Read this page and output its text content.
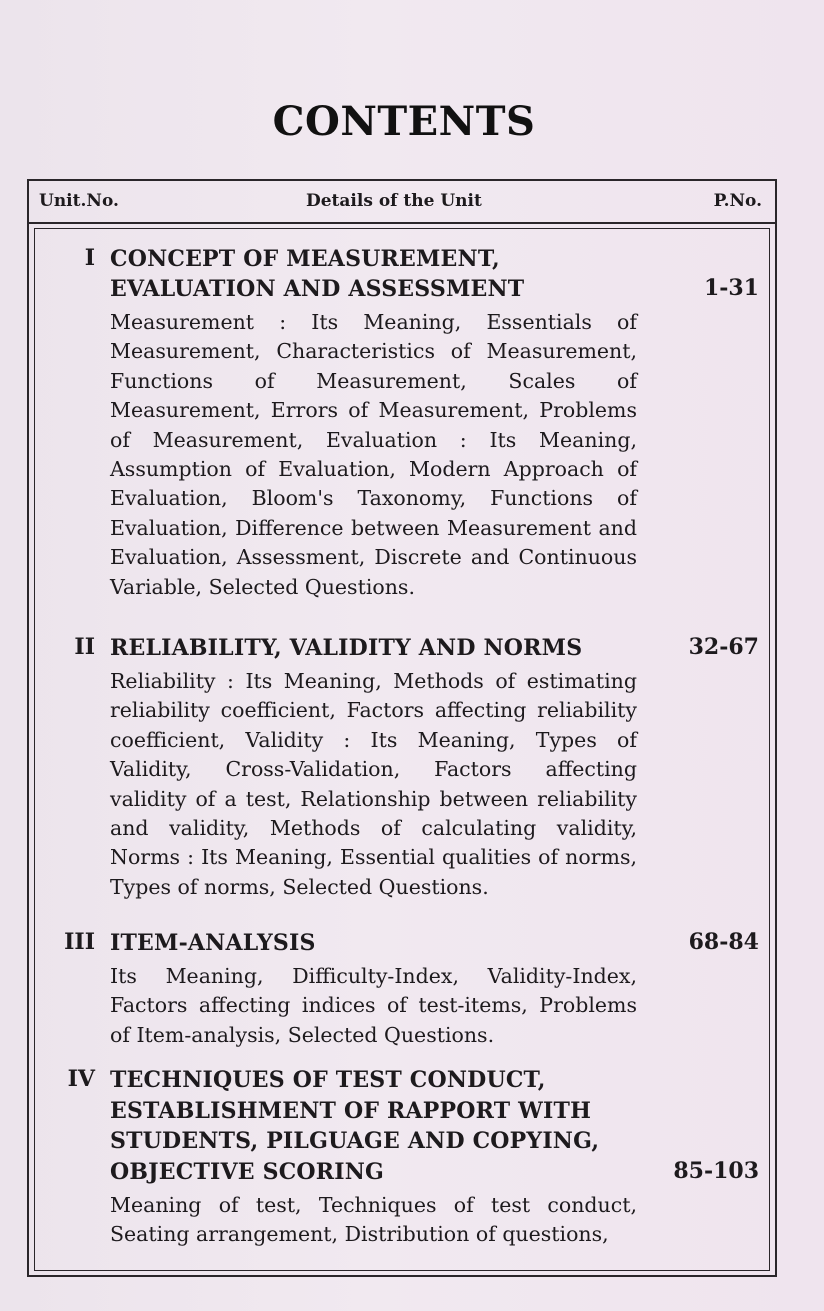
CONTENTS
Unit.No.	Details of the Unit	P.No.
I CONCEPT OF MEASUREMENT, EVALUATION AND ASSESSMENT	1-31
Measurement : Its Meaning, Essentials of Measurement, Characteristics of Measurement, Functions of Measurement, Scales of Measurement, Errors of Measurement, Problems of Measurement, Evaluation : Its Meaning, Assumption of Evaluation, Modern Approach of Evaluation, Bloom's Taxonomy, Functions of Evaluation, Difference between Measurement and Evaluation, Assessment, Discrete and Continuous Variable, Selected Questions.
II RELIABILITY, VALIDITY AND NORMS	32-67
Reliability : Its Meaning, Methods of estimating reliability coefficient, Factors affecting reliability coefficient, Validity : Its Meaning, Types of Validity, Cross-Validation, Factors affecting validity of a test, Relationship between reliability and validity, Methods of calculating validity, Norms : Its Meaning, Essential qualities of norms, Types of norms, Selected Questions.
III ITEM-ANALYSIS	68-84
Its Meaning, Difficulty-Index, Validity-Index, Factors affecting indices of test-items, Problems of Item-analysis, Selected Questions.
IV TECHNIQUES OF TEST CONDUCT, ESTABLISHMENT OF RAPPORT WITH STUDENTS, PILGUAGE AND COPYING, OBJECTIVE SCORING	85-103
Meaning of test, Techniques of test conduct, Seating arrangement, Distribution of questions,
